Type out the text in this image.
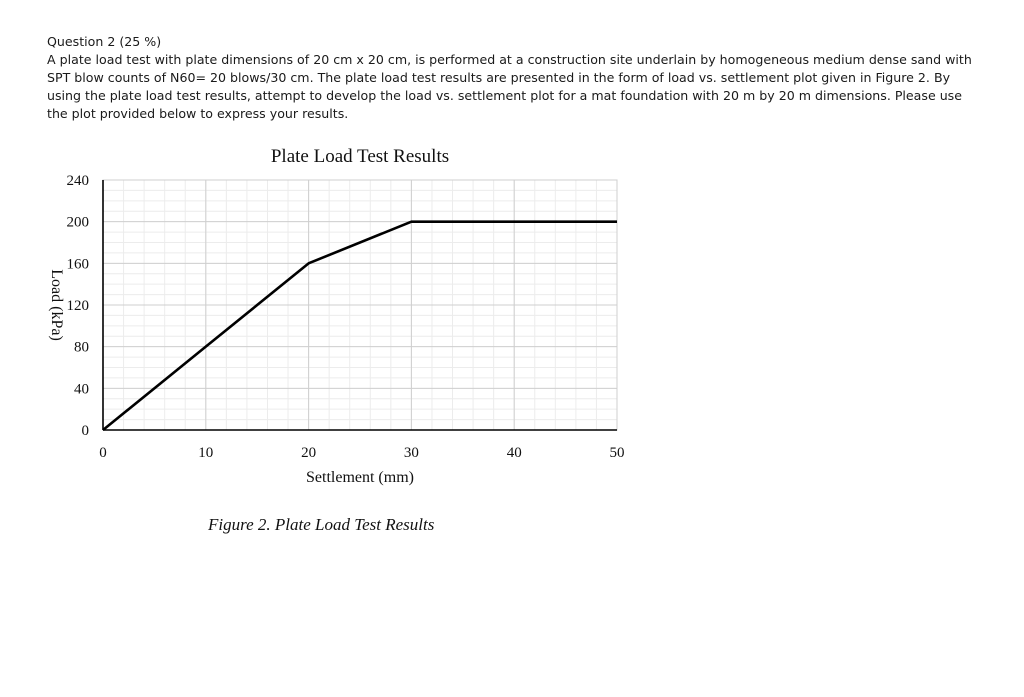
Question 2 (25 %)

A plate load test with plate dimensions of 20 cm x 20 cm, is performed at a construction site underlain by homogeneous medium dense sand with SPT blow counts of N60= 20 blows/30 cm. The plate load test results are presented in the form of load vs. settlement plot given in Figure 2. By using the plate load test results, attempt to develop the load vs. settlement plot for a mat foundation with 20 m by 20 m dimensions. Please use the plot provided below to express your results.

Plate Load Test Results
0	10	20	30	40	50
0
40
80
120
160
200
240
Settlement (mm)
Load (kPa)
Figure 2. Plate Load Test Results
